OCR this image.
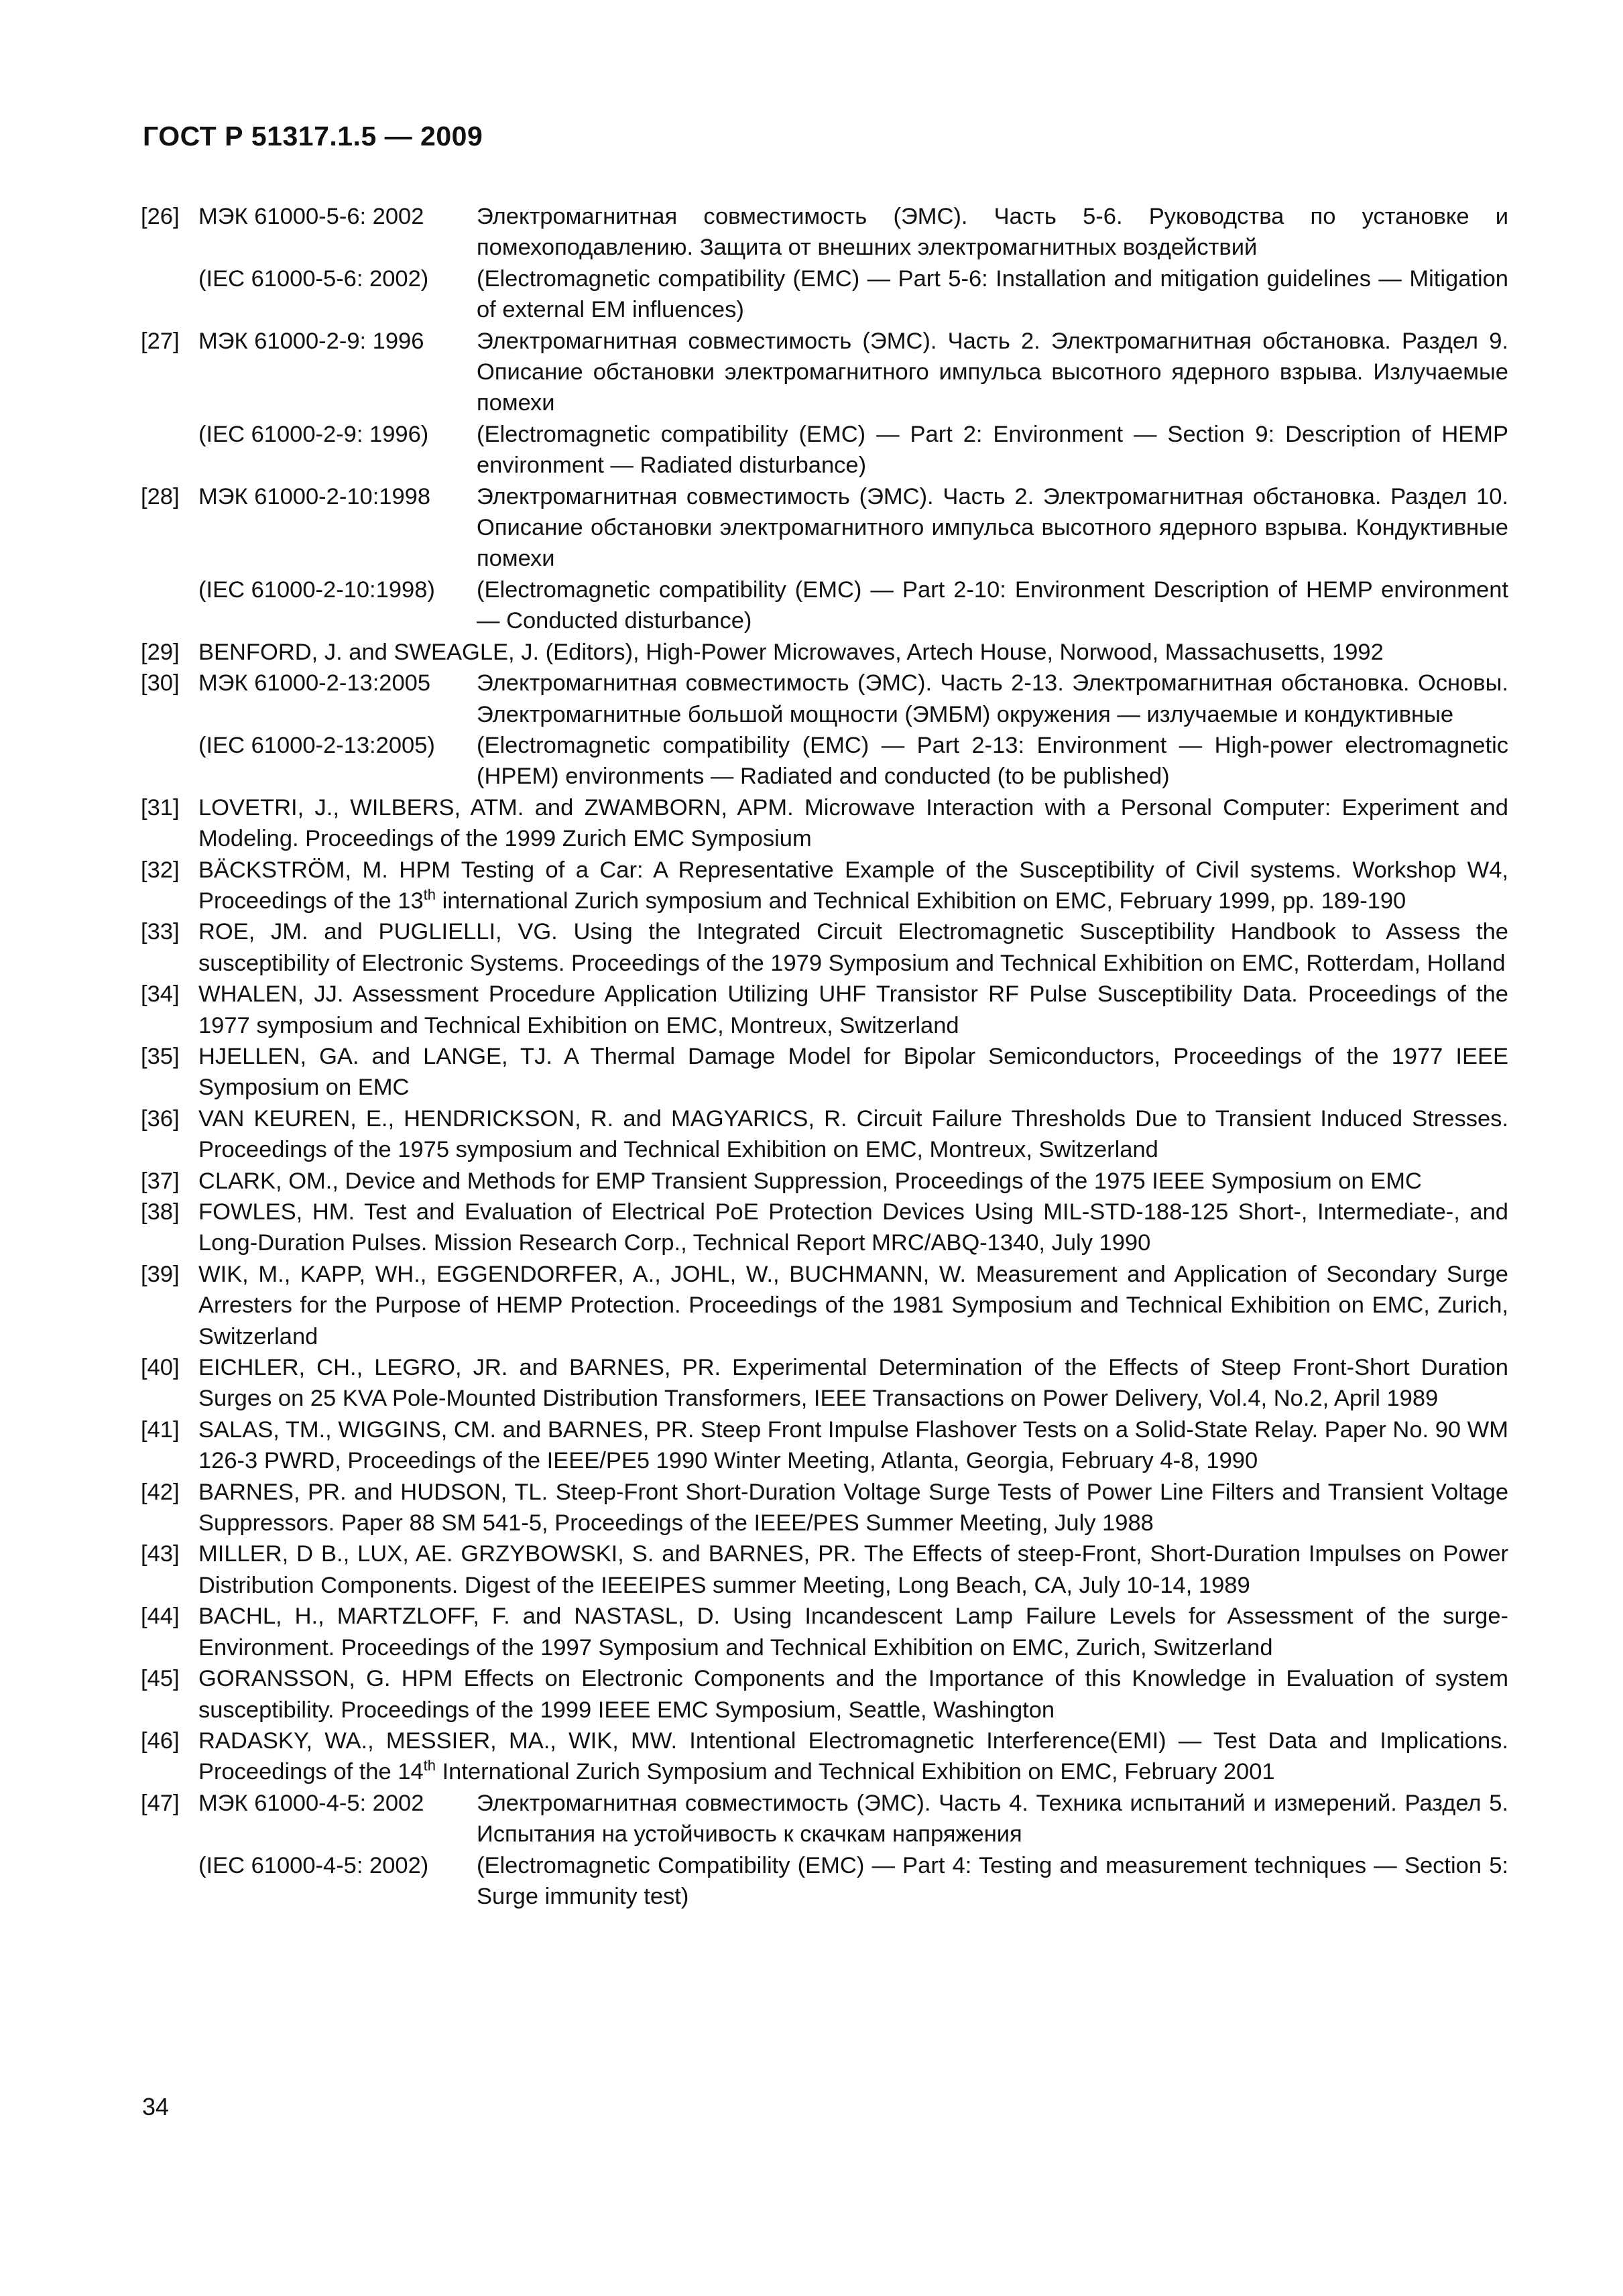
ГОСТ Р 51317.1.5 — 2009
[26] МЭК 61000-5-6: 2002	Электромагнитная совместимость (ЭМС). Часть 5-6. Руководства по установке и помехоподавлению. Защита от внешних электромагнитных воздействий
(IEC 61000-5-6: 2002)	(Electromagnetic compatibility (EMC) — Part 5-6: Installation and mitigation guidelines — Mitigation of external EM influences)
[27] МЭК 61000-2-9: 1996	Электромагнитная совместимость (ЭМС). Часть 2. Электромагнитная обстановка. Раздел 9. Описание обстановки электромагнитного импульса высотного ядерного взрыва. Излучаемые помехи
(IEC 61000-2-9: 1996)	(Electromagnetic compatibility (EMC) — Part 2: Environment — Section 9: Description of HEMP environment — Radiated disturbance)
[28] МЭК 61000-2-10:1998	Электромагнитная совместимость (ЭМС). Часть 2. Электромагнитная обстановка. Раздел 10. Описание обстановки электромагнитного импульса высотного ядерного взрыва. Кондуктивные помехи
(IEC 61000-2-10:1998)	(Electromagnetic compatibility (EMC) — Part 2-10: Environment Description of HEMP environment — Conducted disturbance)
[29] BENFORD, J. and SWEAGLE, J. (Editors), High-Power Microwaves, Artech House, Norwood, Massachusetts, 1992
[30] МЭК 61000-2-13:2005	Электромагнитная совместимость (ЭМС). Часть 2-13. Электромагнитная обстановка. Основы. Электромагнитные большой мощности (ЭМБМ) окружения — излучаемые и кондуктивные
(IEC 61000-2-13:2005)	(Electromagnetic compatibility (EMC) — Part 2-13: Environment — High-power electromagnetic (HPEM) environments — Radiated and conducted (to be published)
[31] LOVETRI, J., WILBERS, ATM. and ZWAMBORN, APM. Microwave Interaction with a Personal Computer: Experiment and Modeling. Proceedings of the 1999 Zurich EMC Symposium
[32] BÄCKSTRÖM, M. HPM Testing of a Car: A Representative Example of the Susceptibility of Civil systems. Workshop W4, Proceedings of the 13th international Zurich symposium and Technical Exhibition on EMC, February 1999, pp. 189-190
[33] ROE, JM. and PUGLIELLI, VG. Using the Integrated Circuit Electromagnetic Susceptibility Handbook to Assess the susceptibility of Electronic Systems. Proceedings of the 1979 Symposium and Technical Exhibition on EMC, Rotterdam, Holland
[34] WHALEN, JJ. Assessment Procedure Application Utilizing UHF Transistor RF Pulse Susceptibility Data. Proceedings of the 1977 symposium and Technical Exhibition on EMC, Montreux, Switzerland
[35] HJELLEN, GA. and LANGE, TJ. A Thermal Damage Model for Bipolar Semiconductors, Proceedings of the 1977 IEEE Symposium on EMC
[36] VAN KEUREN, E., HENDRICKSON, R. and MAGYARICS, R. Circuit Failure Thresholds Due to Transient Induced Stresses. Proceedings of the 1975 symposium and Technical Exhibition on EMC, Montreux, Switzerland
[37] CLARK, OM., Device and Methods for EMP Transient Suppression, Proceedings of the 1975 IEEE Symposium on EMC
[38] FOWLES, HM. Test and Evaluation of Electrical PoE Protection Devices Using MIL-STD-188-125 Short-, Intermediate-, and Long-Duration Pulses. Mission Research Corp., Technical Report MRC/ABQ-1340, July 1990
[39] WIK, M., KAPP, WH., EGGENDORFER, A., JOHL, W., BUCHMANN, W. Measurement and Application of Secondary Surge Arresters for the Purpose of HEMP Protection. Proceedings of the 1981 Symposium and Technical Exhibition on EMC, Zurich, Switzerland
[40] EICHLER, CH., LEGRO, JR. and BARNES, PR. Experimental Determination of the Effects of Steep Front-Short Duration Surges on 25 KVA Pole-Mounted Distribution Transformers, IEEE Transactions on Power Delivery, Vol.4, No.2, April 1989
[41] SALAS, TM., WIGGINS, CM. and BARNES, PR. Steep Front Impulse Flashover Tests on a Solid-State Relay. Paper No. 90 WM 126-3 PWRD, Proceedings of the IEEE/PE5 1990 Winter Meeting, Atlanta, Georgia, February 4-8, 1990
[42] BARNES, PR. and HUDSON, TL. Steep-Front Short-Duration Voltage Surge Tests of Power Line Filters and Transient Voltage Suppressors. Paper 88 SM 541-5, Proceedings of the IEEE/PES Summer Meeting, July 1988
[43] MILLER, D B., LUX, AE. GRZYBOWSKI, S. and BARNES, PR. The Effects of steep-Front, Short-Duration Impulses on Power Distribution Components. Digest of the IEEEIPES summer Meeting, Long Beach, CA, July 10-14, 1989
[44] BACHL, H., MARTZLOFF, F. and NASTASL, D. Using Incandescent Lamp Failure Levels for Assessment of the surge-Environment. Proceedings of the 1997 Symposium and Technical Exhibition on EMC, Zurich, Switzerland
[45] GORANSSON, G. HPM Effects on Electronic Components and the Importance of this Knowledge in Evaluation of system susceptibility. Proceedings of the 1999 IEEE EMC Symposium, Seattle, Washington
[46] RADASKY, WA., MESSIER, MA., WIK, MW. Intentional Electromagnetic Interference(EMI) — Test Data and Implications. Proceedings of the 14th International Zurich Symposium and Technical Exhibition on EMC, February 2001
[47] МЭК 61000-4-5: 2002	Электромагнитная совместимость (ЭМС). Часть 4. Техника испытаний и измерений. Раздел 5. Испытания на устойчивость к скачкам напряжения
(IEC 61000-4-5: 2002)	(Electromagnetic Compatibility (EMC) — Part 4: Testing and measurement techniques — Section 5: Surge immunity test)
34
